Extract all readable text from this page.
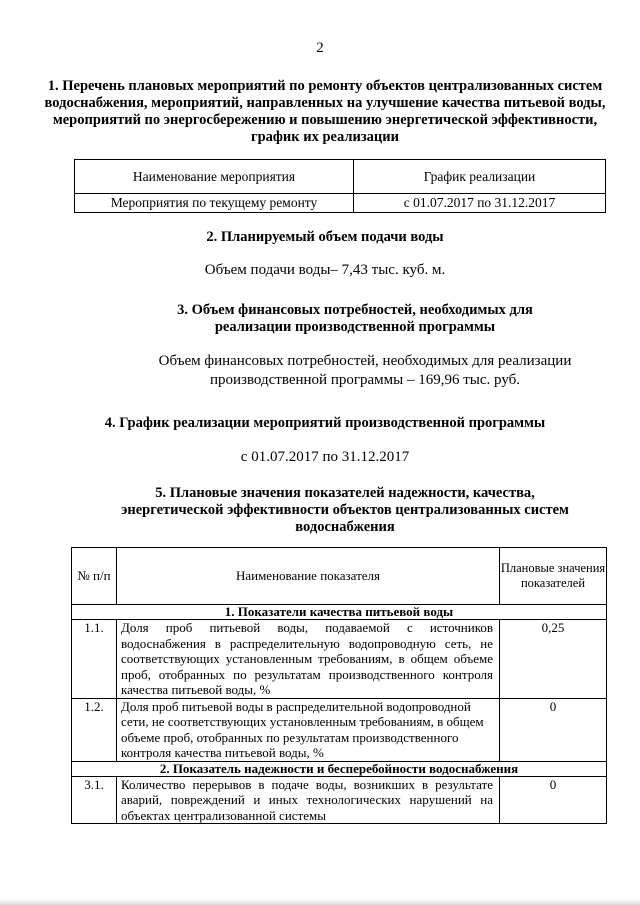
2
1. Перечень плановых мероприятий по ремонту объектов централизованных систем водоснабжения, мероприятий, направленных на улучшение качества питьевой воды, мероприятий по энергосбережению и повышению энергетической эффективности, график их реализации
Наименование мероприятия	График реализации
Мероприятия по текущему ремонту	с 01.07.2017 по 31.12.2017
2. Планируемый объем подачи воды
Объем подачи воды– 7,43 тыс. куб. м.
3. Объем финансовых потребностей, необходимых для реализации производственной программы
Объем финансовых потребностей, необходимых для реализации производственной программы – 169,96 тыс. руб.
4. График реализации мероприятий производственной программы
с 01.07.2017 по 31.12.2017
5. Плановые значения показателей надежности, качества, энергетической эффективности объектов централизованных систем водоснабжения
№ п/п	Наименование показателя	Плановые значения показателей
1. Показатели качества питьевой воды		
1.1.	Доля проб питьевой воды, подаваемой с источников водоснабжения в распределительную водопроводную сеть, не соответствующих установленным требованиям, в общем объеме проб, отобранных по результатам производственного контроля качества питьевой воды, %	0,25
1.2.	Доля проб питьевой воды в распределительной водопроводной сети, не соответствующих установленным требованиям, в общем объеме проб, отобранных по результатам производственного контроля качества питьевой воды, %	0
2. Показатель надежности и бесперебойности водоснабжения		
3.1.	Количество перерывов в подаче воды, возникших в результате аварий, повреждений и иных технологических нарушений на объектах централизованной системы	0
